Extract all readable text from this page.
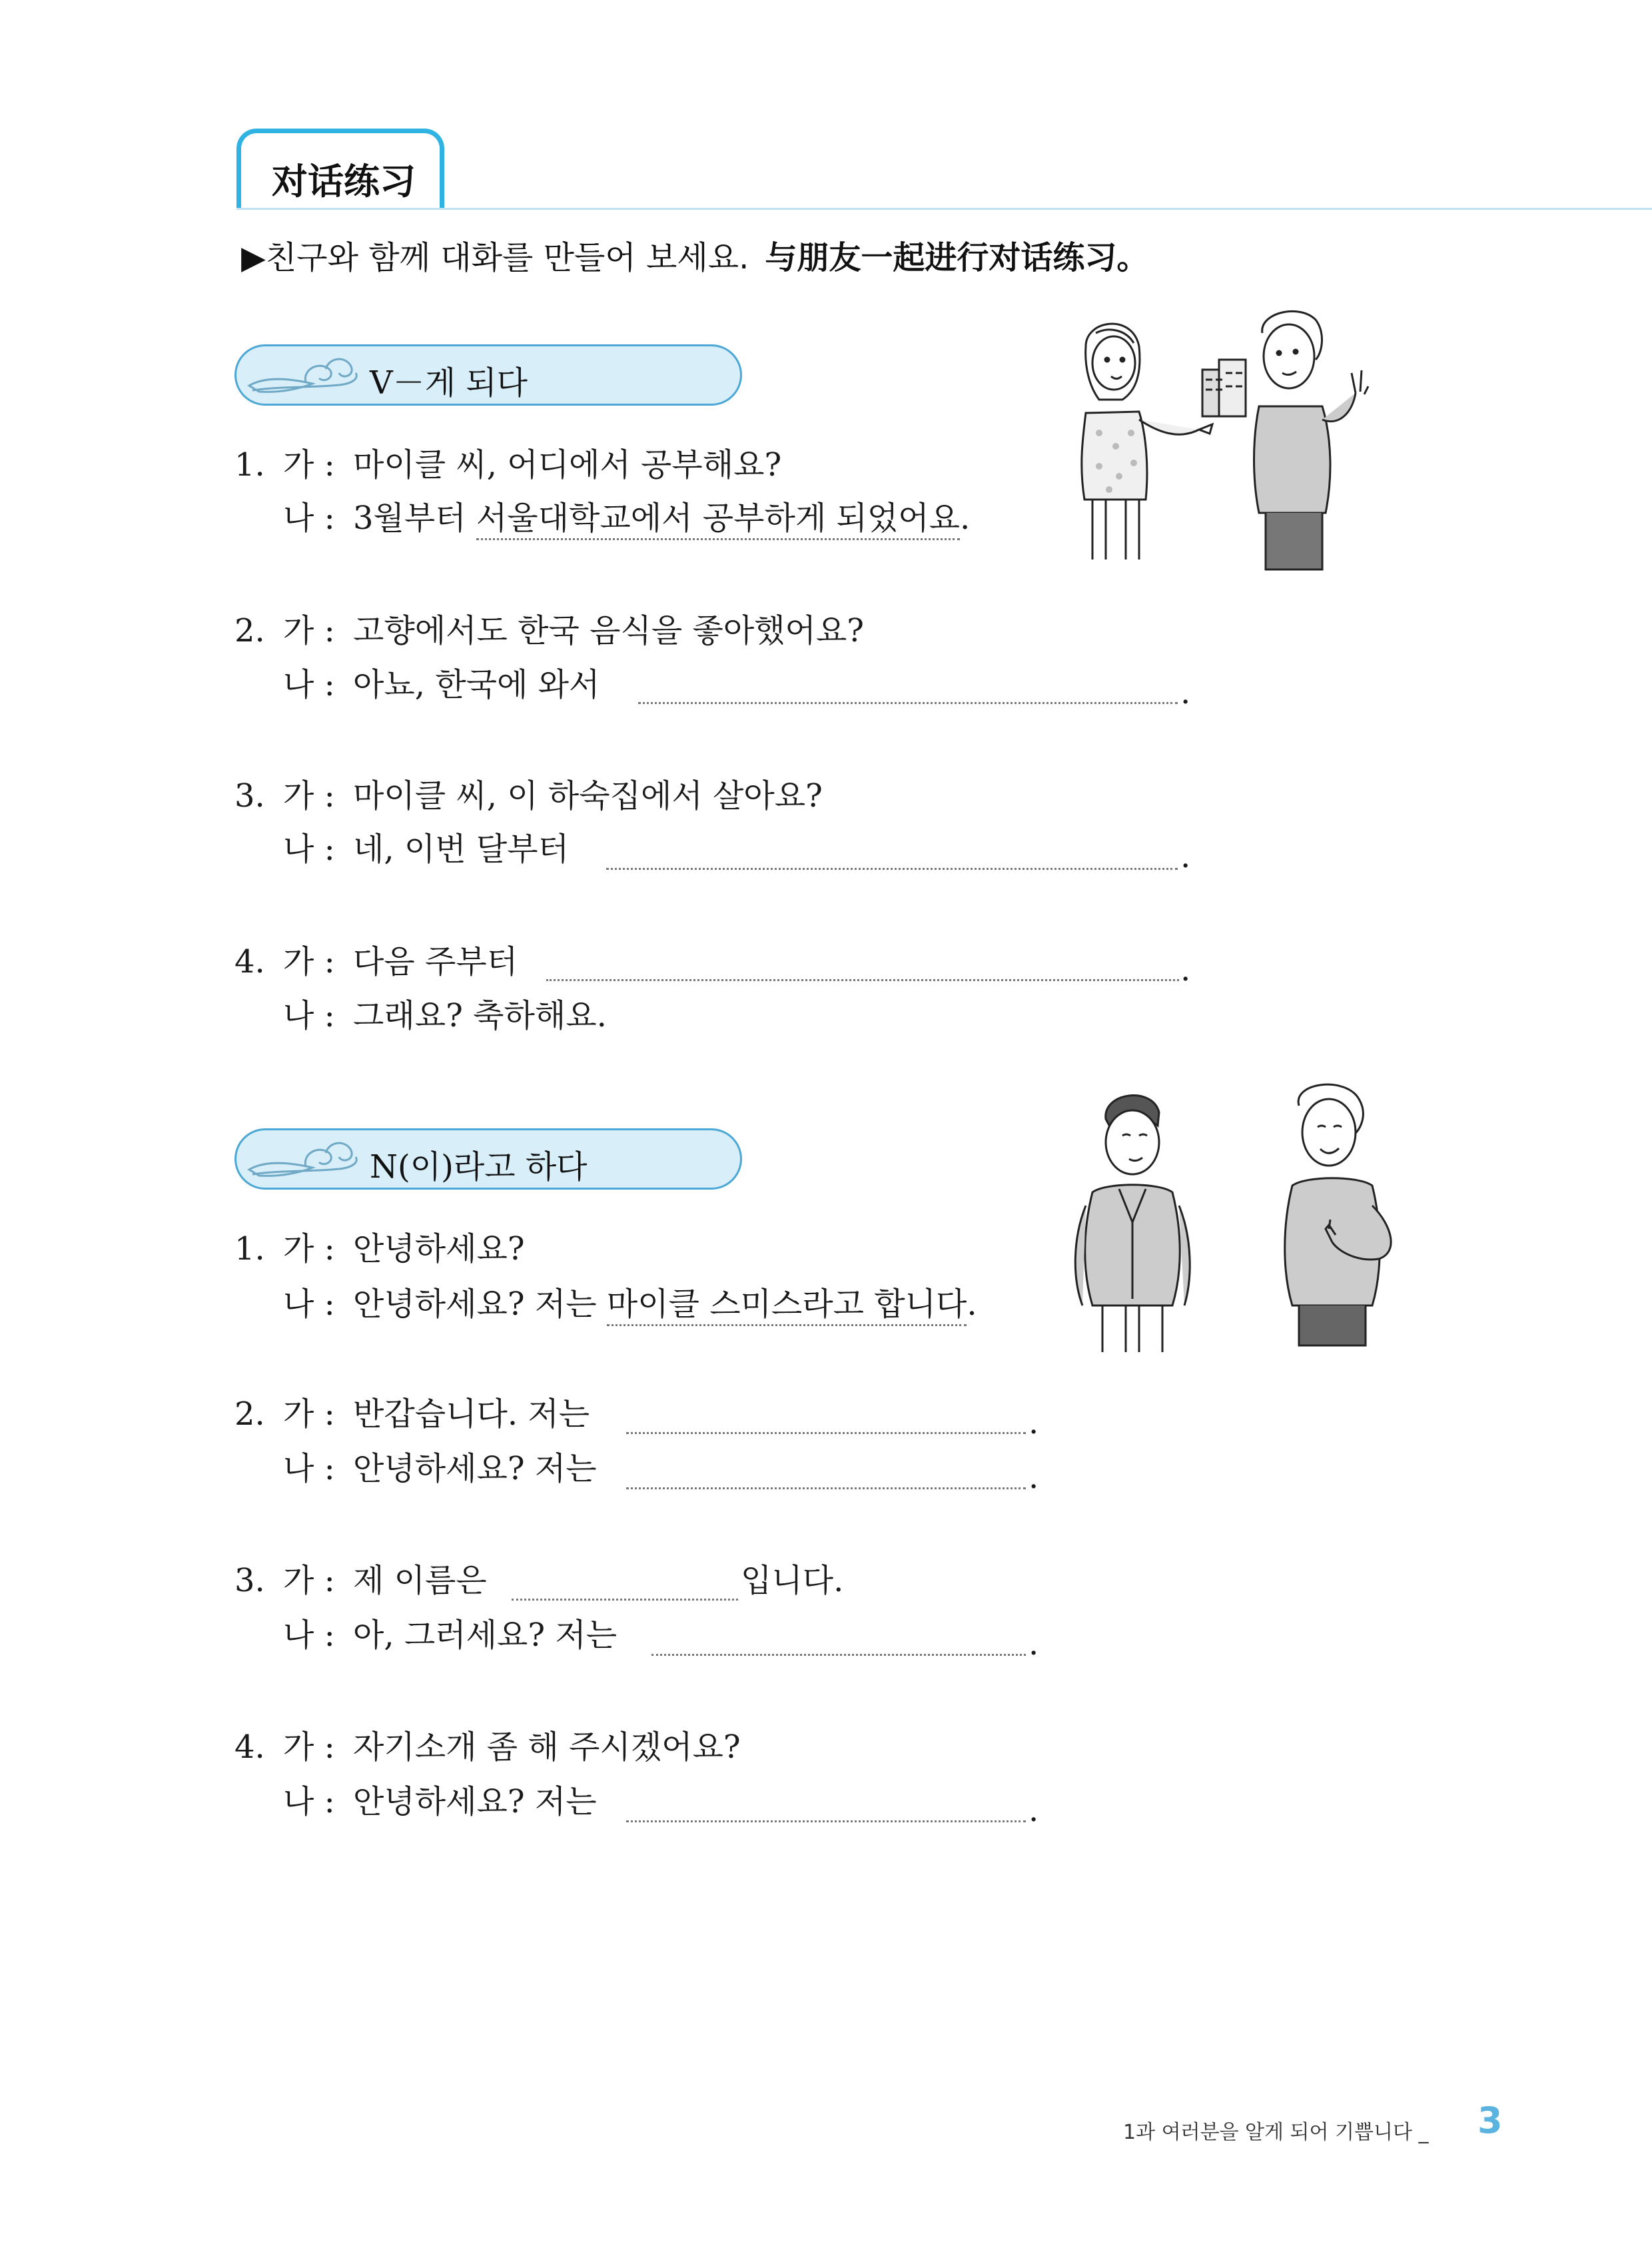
对话练习
▶친구와 함께 대화를 만들어 보세요. 与朋友一起进行对话练习。
V－게 되다
1. 가 : 마이클 씨, 어디에서 공부해요?
나 : 3월부터 서울대학교에서 공부하게 되었어요.
2. 가 : 고향에서도 한국 음식을 좋아했어요?
나 : 아뇨, 한국에 와서	.
3. 가 : 마이클 씨, 이 하숙집에서 살아요?
나 : 네, 이번 달부터	.
4. 가 : 다음 주부터	.
나 : 그래요? 축하해요.
N(이)라고 하다
1. 가 : 안녕하세요?
나 : 안녕하세요? 저는 마이클 스미스라고 합니다.
2. 가 : 반갑습니다. 저는	.
나 : 안녕하세요? 저는	.
3. 가 : 제 이름은	입니다.
나 : 아, 그러세요? 저는	.
4. 가 : 자기소개 좀 해 주시겠어요?
나 : 안녕하세요? 저는	.
1과 여러분을 알게 되어 기쁩니다 _ 3
